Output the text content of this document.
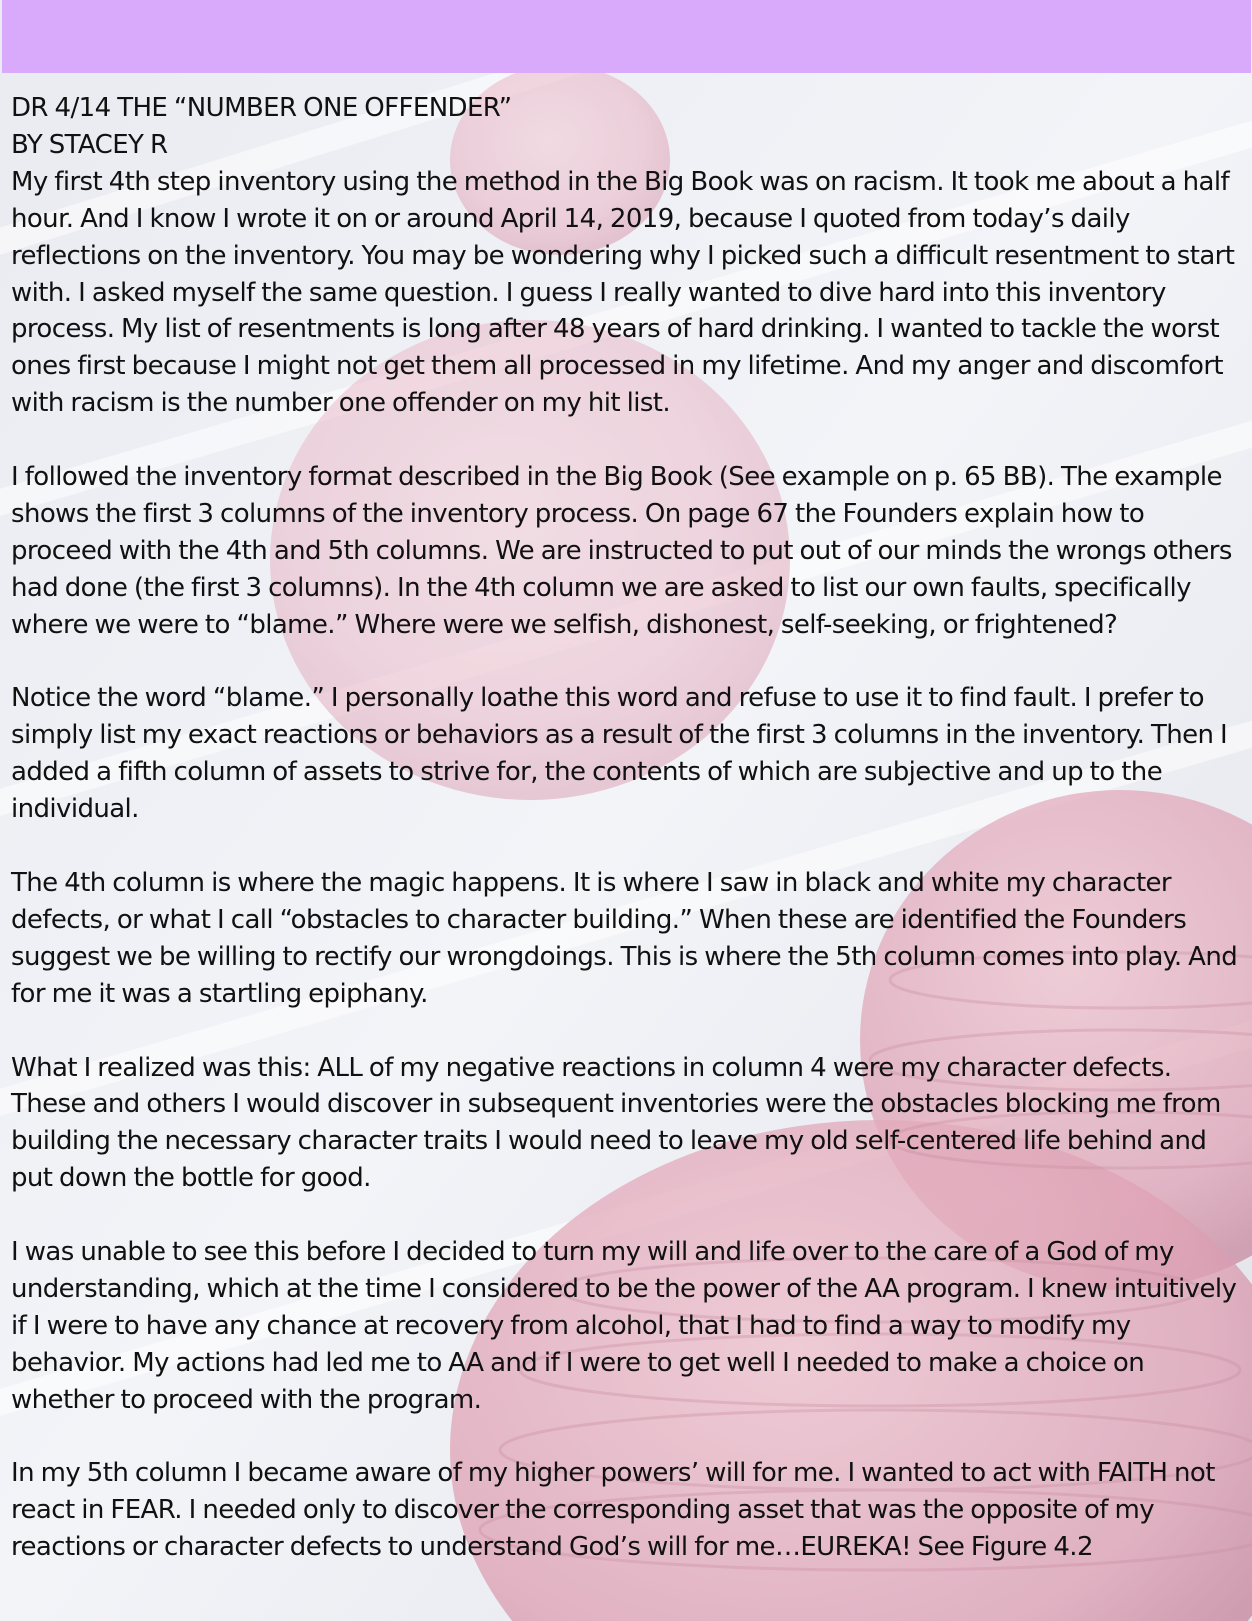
DR 4/14 THE “NUMBER ONE OFFENDER”

BY STACEY R

My first 4th step inventory using the method in the Big Book was on racism. It took me about a half hour. And I know I wrote it on or around April 14, 2019, because I quoted from today’s daily reflections on the inventory. You may be wondering why I picked such a difficult resentment to start with. I asked myself the same question. I guess I really wanted to dive hard into this inventory process. My list of resentments is long after 48 years of hard drinking. I wanted to tackle the worst ones first because I might not get them all processed in my lifetime. And my anger and discomfort with racism is the number one offender on my hit list.

I followed the inventory format described in the Big Book (See example on p. 65 BB). The example shows the first 3 columns of the inventory process. On page 67 the Founders explain how to proceed with the 4th and 5th columns. We are instructed to put out of our minds the wrongs others had done (the first 3 columns). In the 4th column we are asked to list our own faults, specifically where we were to “blame.” Where were we selfish, dishonest, self-seeking, or frightened?

Notice the word “blame.” I personally loathe this word and refuse to use it to find fault. I prefer to simply list my exact reactions or behaviors as a result of the first 3 columns in the inventory. Then I added a fifth column of assets to strive for, the contents of which are subjective and up to the individual.

The 4th column is where the magic happens. It is where I saw in black and white my character defects, or what I call “obstacles to character building.” When these are identified the Founders suggest we be willing to rectify our wrongdoings. This is where the 5th column comes into play. And for me it was a startling epiphany.

What I realized was this: ALL of my negative reactions in column 4 were my character defects. These and others I would discover in subsequent inventories were the obstacles blocking me from building the necessary character traits I would need to leave my old self-centered life behind and put down the bottle for good.

I was unable to see this before I decided to turn my will and life over to the care of a God of my understanding, which at the time I considered to be the power of the AA program. I knew intuitively if I were to have any chance at recovery from alcohol, that I had to find a way to modify my behavior. My actions had led me to AA and if I were to get well I needed to make a choice on whether to proceed with the program.

In my 5th column I became aware of my higher powers’ will for me. I wanted to act with FAITH not react in FEAR. I needed only to discover the corresponding asset that was the opposite of my reactions or character defects to understand God’s will for me…EUREKA! See Figure 4.2
